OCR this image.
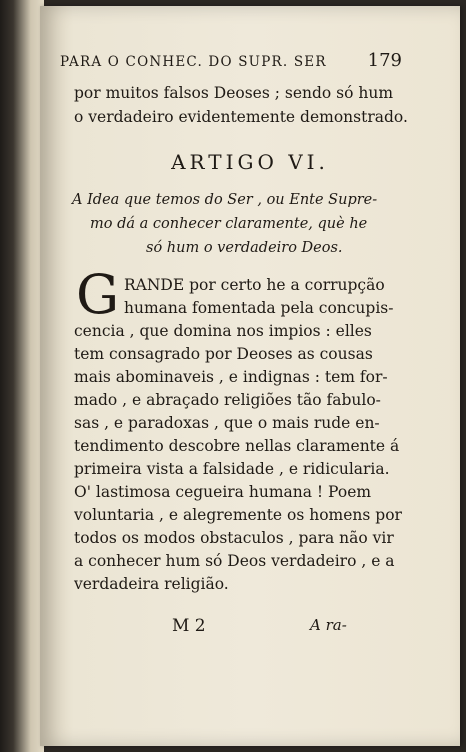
PARA O CONHEC. DO SUPR. SER 179
por muitos falsos Deoses ; sendo só hum
o verdadeiro evidentemente demonstrado.
ARTIGO VI.
A Idea que temos do Ser , ou Ente Supre-
mo dá a conhecer claramente, què he
só hum o verdadeiro Deos.
G RANDE por certo he a corrupção
humana fomentada pela concupis-
cencia , que domina nos impios : elles
tem consagrado por Deoses as cousas
mais abominaveis , e indignas : tem for-
mado , e abraçado religiões tão fabulo-
sas , e paradoxas , que o mais rude en-
tendimento descobre nellas claramente á
primeira vista a falsidade , e ridicularia.
O' lastimosa cegueira humana ! Poem
voluntaria , e alegremente os homens por
todos os modos obstaculos , para não vir
a conhecer hum só Deos verdadeiro , e a
verdadeira religião.
M 2	A ra-
